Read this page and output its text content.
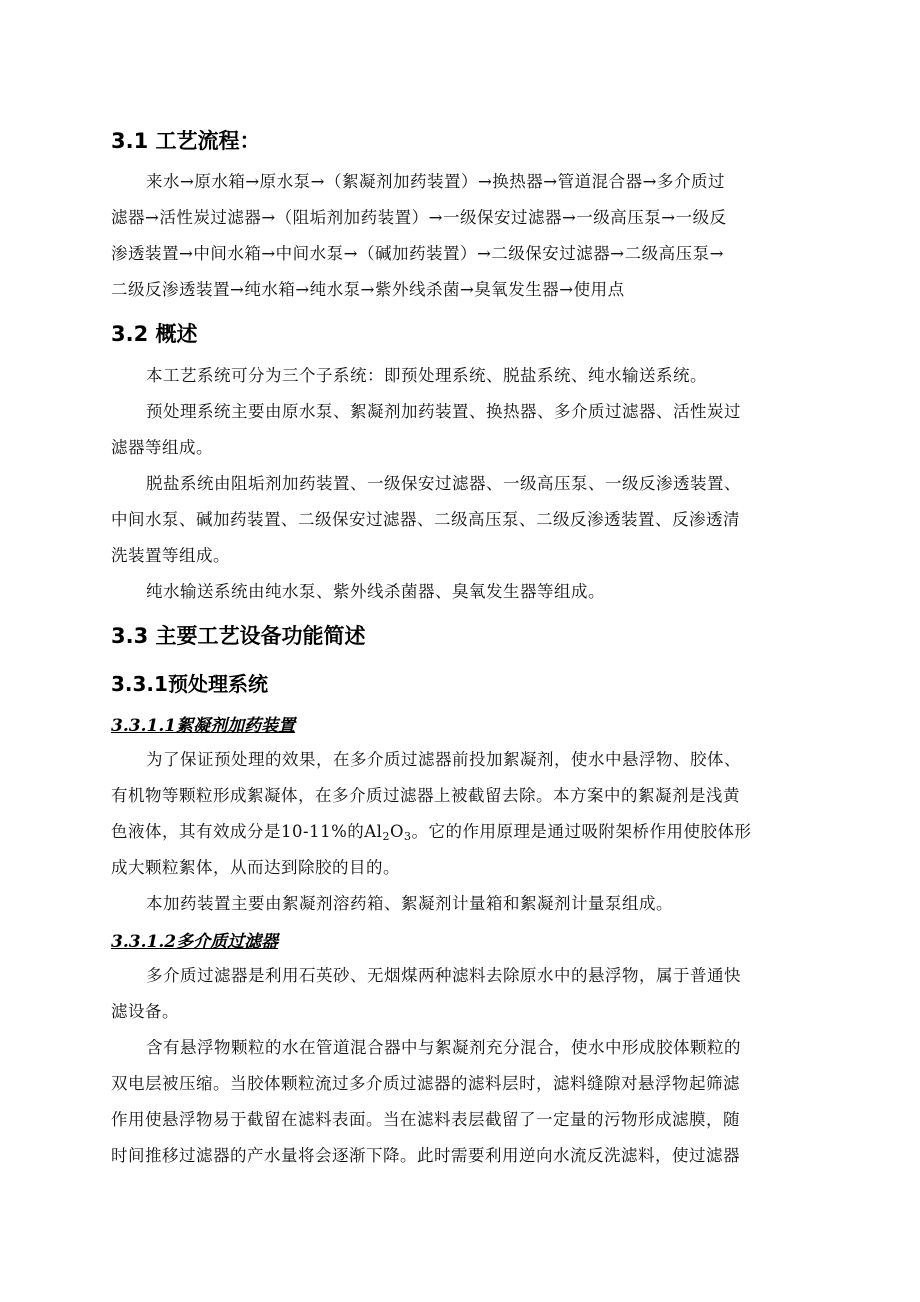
3.1 工艺流程：
来水→原水箱→原水泵→（絮凝剂加药装置）→换热器→管道混合器→多介质过
滤器→活性炭过滤器→（阻垢剂加药装置）→一级保安过滤器→一级高压泵→一级反
渗透装置→中间水箱→中间水泵→（碱加药装置）→二级保安过滤器→二级高压泵→
二级反渗透装置→纯水箱→纯水泵→紫外线杀菌→臭氧发生器→使用点
3.2 概述
本工艺系统可分为三个子系统：即预处理系统、脱盐系统、纯水输送系统。
预处理系统主要由原水泵、絮凝剂加药装置、换热器、多介质过滤器、活性炭过
滤器等组成。
脱盐系统由阻垢剂加药装置、一级保安过滤器、一级高压泵、一级反渗透装置、
中间水泵、碱加药装置、二级保安过滤器、二级高压泵、二级反渗透装置、反渗透清
洗装置等组成。
纯水输送系统由纯水泵、紫外线杀菌器、臭氧发生器等组成。
3.3 主要工艺设备功能简述
3.3.1预处理系统
3.3.1.1絮凝剂加药装置
为了保证预处理的效果，在多介质过滤器前投加絮凝剂，使水中悬浮物、胶体、
有机物等颗粒形成絮凝体，在多介质过滤器上被截留去除。本方案中的絮凝剂是浅黄
色液体，其有效成分是10-11%的$Al_2O_3$。它的作用原理是通过吸附架桥作用使胶体形
成大颗粒絮体，从而达到除胶的目的。
本加药装置主要由絮凝剂溶药箱、絮凝剂计量箱和絮凝剂计量泵组成。
3.3.1.2多介质过滤器
多介质过滤器是利用石英砂、无烟煤两种滤料去除原水中的悬浮物，属于普通快
滤设备。
含有悬浮物颗粒的水在管道混合器中与絮凝剂充分混合，使水中形成胶体颗粒的
双电层被压缩。当胶体颗粒流过多介质过滤器的滤料层时，滤料缝隙对悬浮物起筛滤
作用使悬浮物易于截留在滤料表面。当在滤料表层截留了一定量的污物形成滤膜，随
时间推移过滤器的产水量将会逐渐下降。此时需要利用逆向水流反洗滤料，使过滤器
